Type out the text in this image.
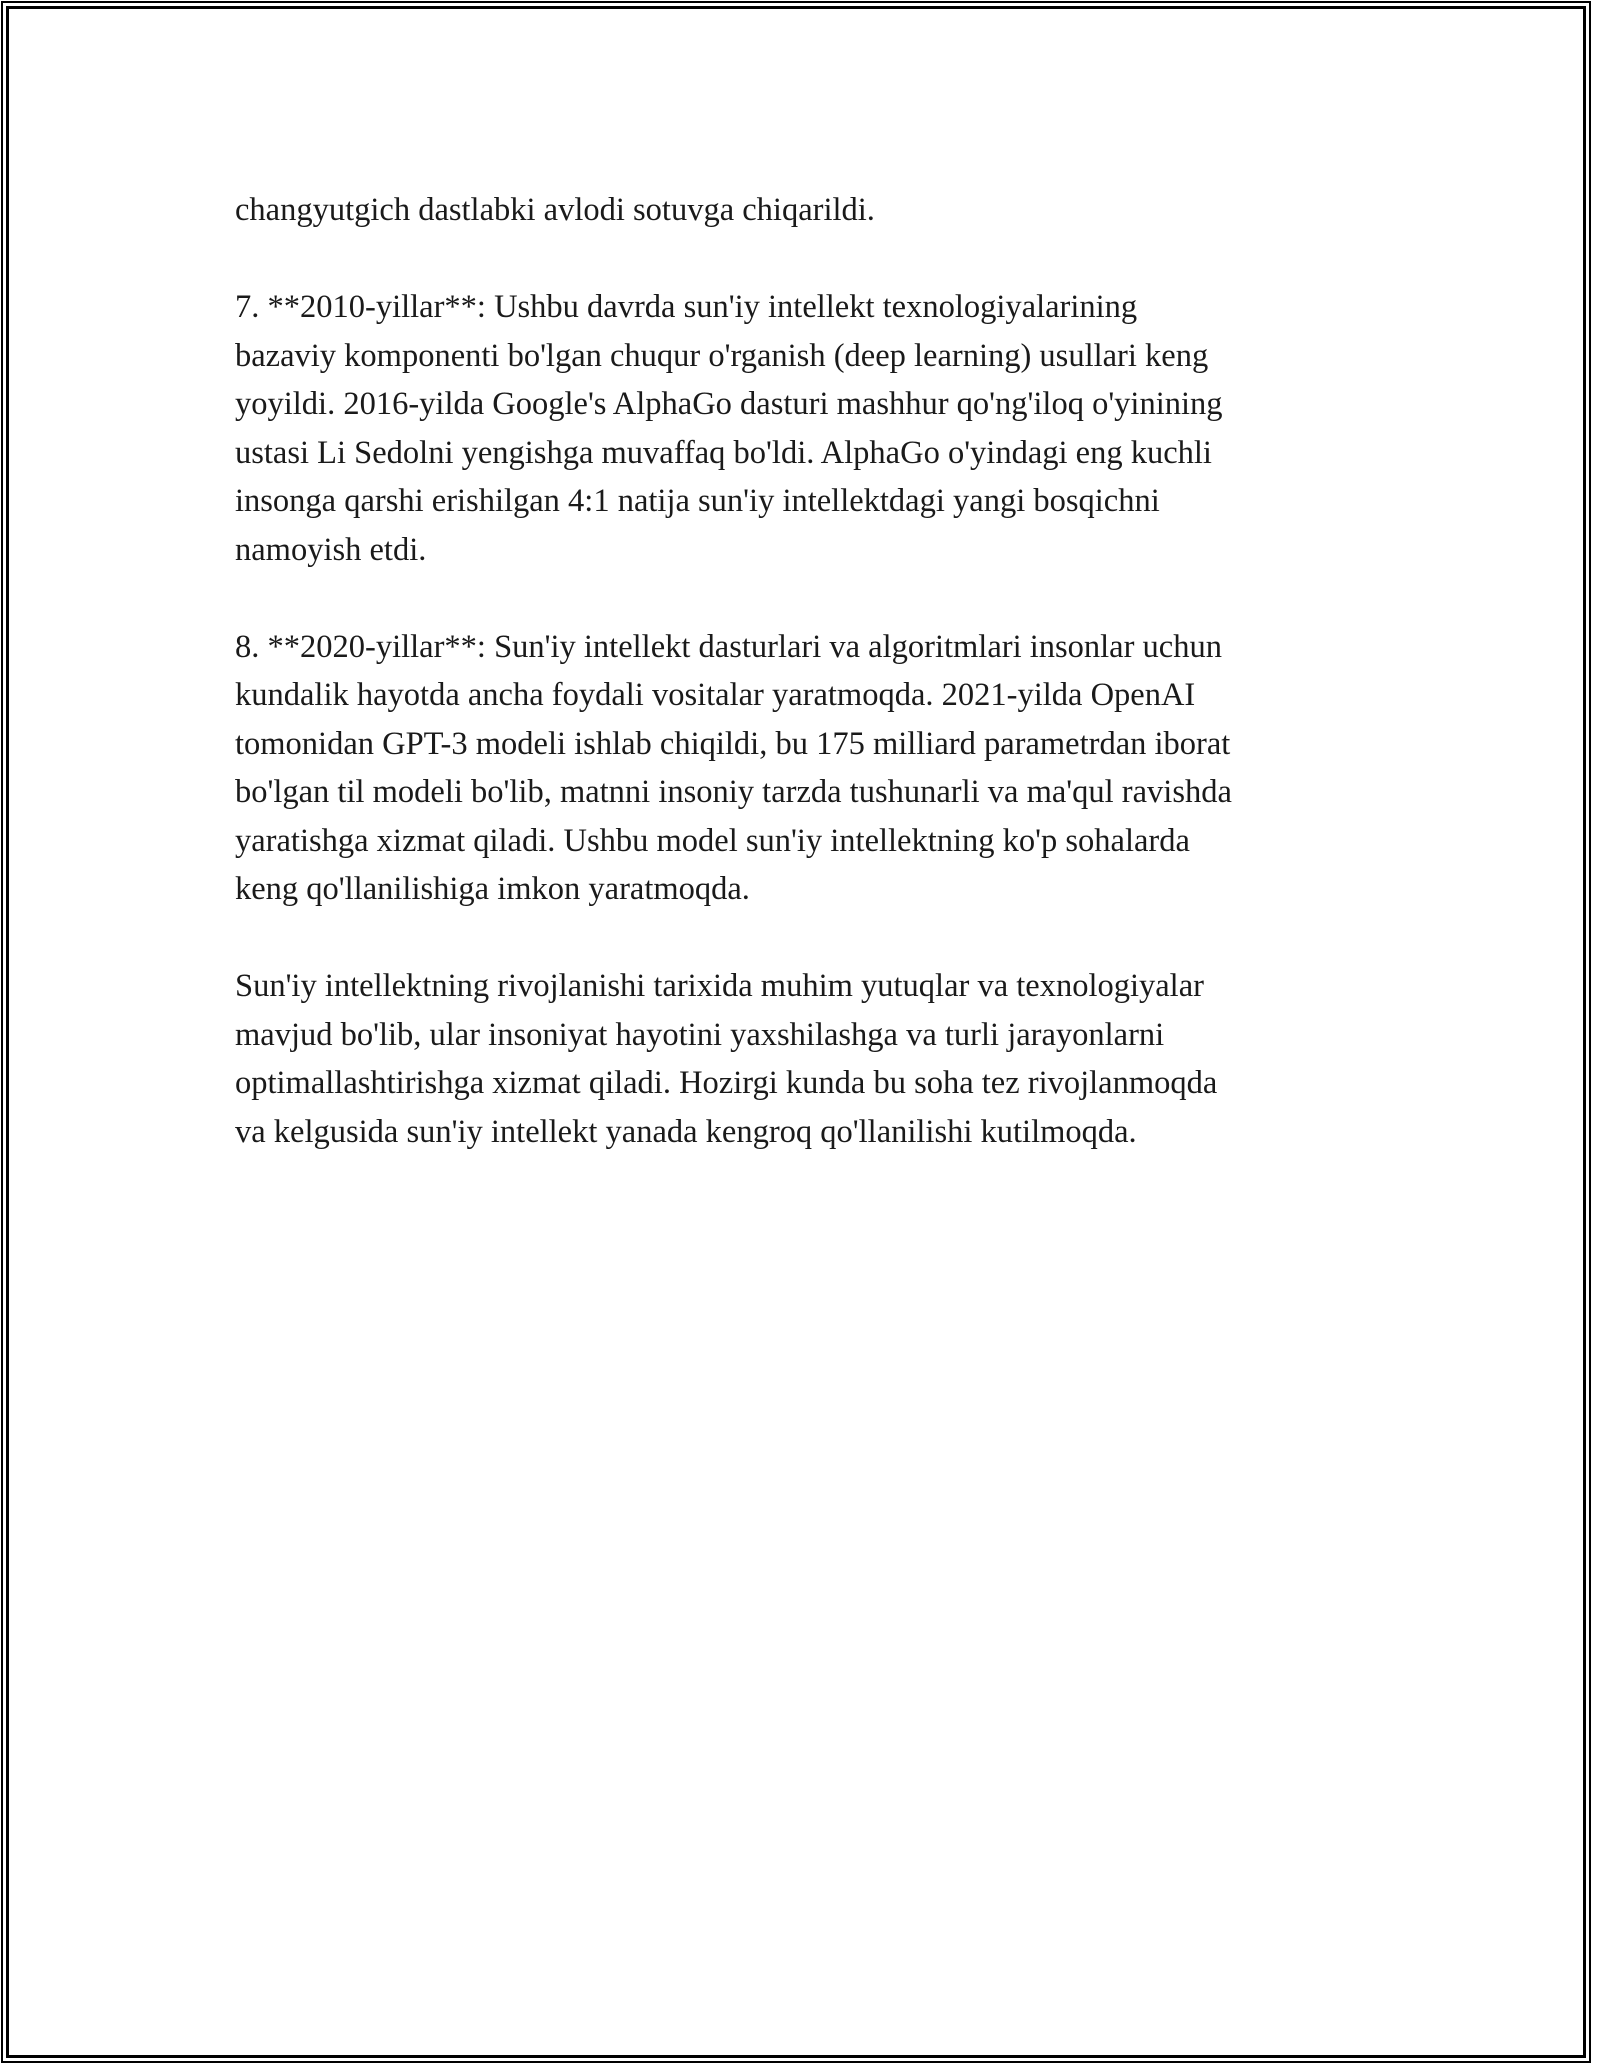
changyutgich dastlabki avlodi sotuvga chiqarildi.

7. **2010-yillar**: Ushbu davrda sun'iy intellekt texnologiyalarining
bazaviy komponenti bo'lgan chuqur o'rganish (deep learning) usullari keng
yoyildi. 2016-yilda Google's AlphaGo dasturi mashhur qo'ng'iloq o'yinining
ustasi Li Sedolni yengishga muvaffaq bo'ldi. AlphaGo o'yindagi eng kuchli
insonga qarshi erishilgan 4:1 natija sun'iy intellektdagi yangi bosqichni
namoyish etdi.

8. **2020-yillar**: Sun'iy intellekt dasturlari va algoritmlari insonlar uchun
kundalik hayotda ancha foydali vositalar yaratmoqda. 2021-yilda OpenAI
tomonidan GPT-3 modeli ishlab chiqildi, bu 175 milliard parametrdan iborat
bo'lgan til modeli bo'lib, matnni insoniy tarzda tushunarli va ma'qul ravishda
yaratishga xizmat qiladi. Ushbu model sun'iy intellektning ko'p sohalarda
keng qo'llanilishiga imkon yaratmoqda.

Sun'iy intellektning rivojlanishi tarixida muhim yutuqlar va texnologiyalar
mavjud bo'lib, ular insoniyat hayotini yaxshilashga va turli jarayonlarni
optimallashtirishga xizmat qiladi. Hozirgi kunda bu soha tez rivojlanmoqda
va kelgusida sun'iy intellekt yanada kengroq qo'llanilishi kutilmoqda.
